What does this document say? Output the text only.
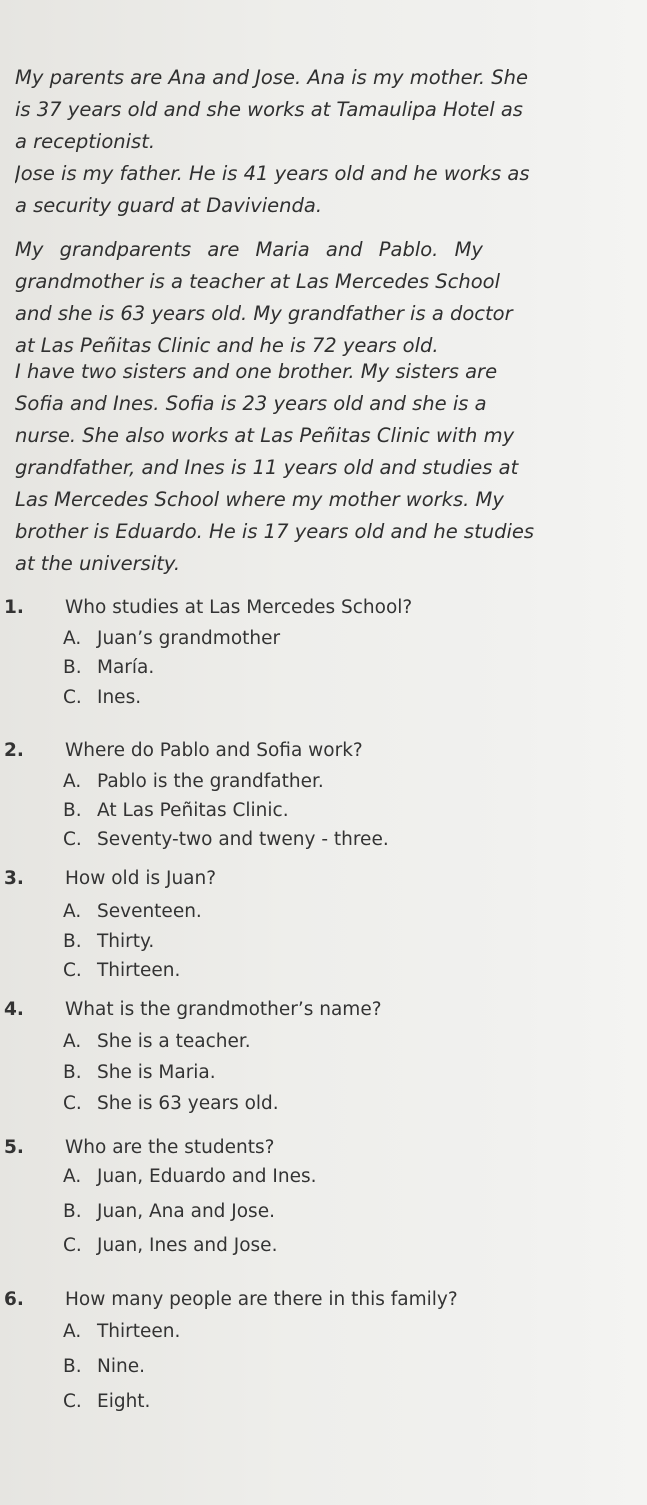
My parents are Ana and Jose. Ana is my mother. She
is 37 years old and she works at Tamaulipa Hotel as
a receptionist.
Jose is my father. He is 41 years old and he works as
a security guard at Davivienda.
My grandparents are Maria and Pablo. My
grandmother is a teacher at Las Mercedes School
and she is 63 years old. My grandfather is a doctor
at Las Peñitas Clinic and he is 72 years old.
I have two sisters and one brother. My sisters are
Sofia and Ines. Sofia is 23 years old and she is a
nurse. She also works at Las Peñitas Clinic with my
grandfather, and Ines is 11 years old and studies at
Las Mercedes School where my mother works. My
brother is Eduardo. He is 17 years old and he studies
at the university.
1. Who studies at Las Mercedes School?
A. Juan’s grandmother
B. María.
C. Ines.
2. Where do Pablo and Sofia work?
A. Pablo is the grandfather.
B. At Las Peñitas Clinic.
C. Seventy-two and tweny - three.
3. How old is Juan?
A. Seventeen.
B. Thirty.
C. Thirteen.
4. What is the grandmother’s name?
A. She is a teacher.
B. She is Maria.
C. She is 63 years old.
5. Who are the students?
A. Juan, Eduardo and Ines.
B. Juan, Ana and Jose.
C. Juan, Ines and Jose.
6. How many people are there in this family?
A. Thirteen.
B. Nine.
C. Eight.
